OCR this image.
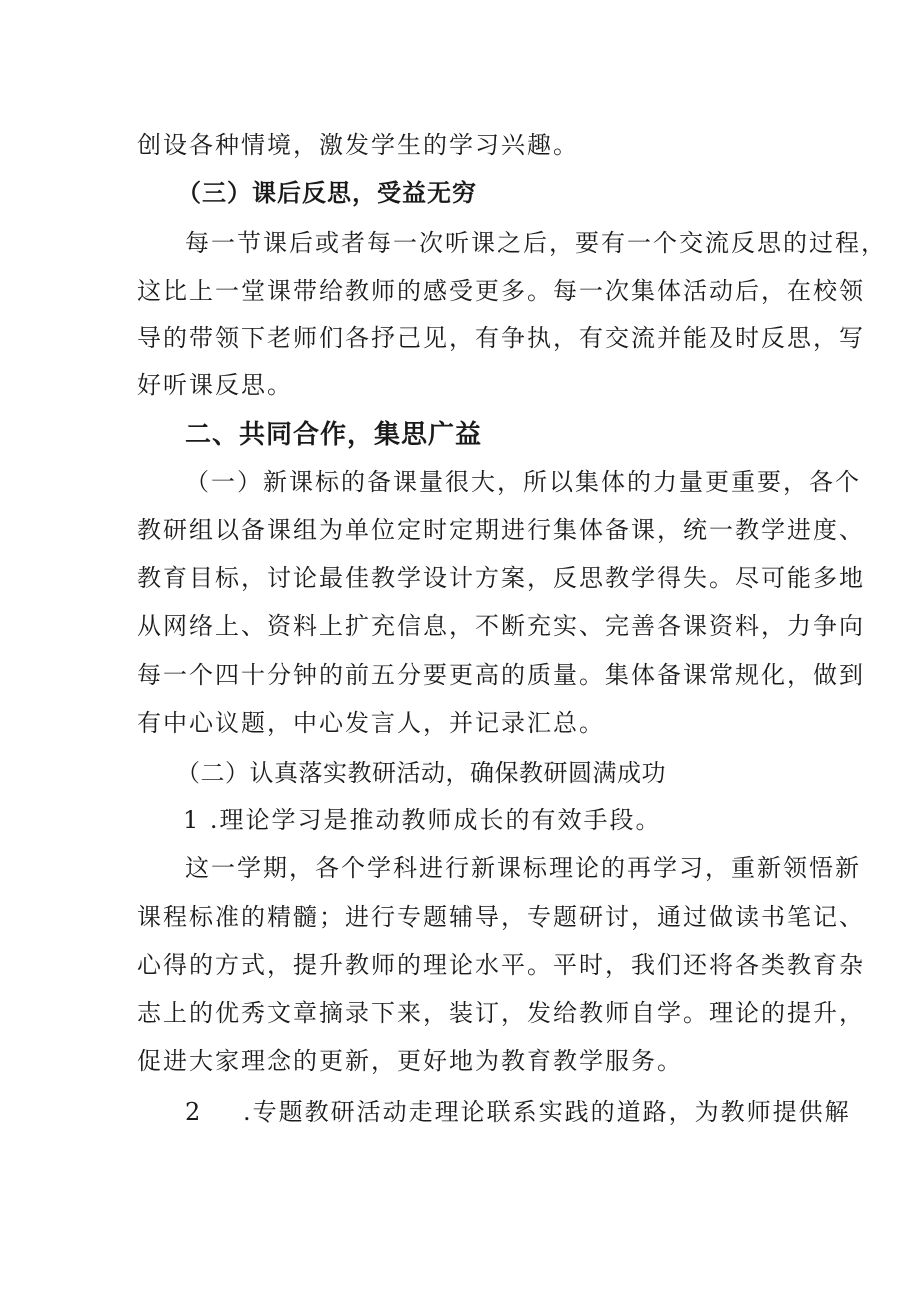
创设各种情境，激发学生的学习兴趣。

（三）课后反思，受益无穷

每一节课后或者每一次听课之后，要有一个交流反思的过程，

这比上一堂课带给教师的感受更多。每一次集体活动后，在校领

导的带领下老师们各抒己见，有争执，有交流并能及时反思，写

好听课反思。

二、共同合作，集思广益

（一）新课标的备课量很大，所以集体的力量更重要，各个

教研组以备课组为单位定时定期进行集体备课，统一教学进度、

教育目标，讨论最佳教学设计方案，反思教学得失。尽可能多地

从网络上、资料上扩充信息，不断充实、完善各课资料，力争向

每一个四十分钟的前五分要更高的质量。集体备课常规化，做到

有中心议题，中心发言人，并记录汇总。

（二）认真落实教研活动，确保教研圆满成功

1 .理论学习是推动教师成长的有效手段。

这一学期，各个学科进行新课标理论的再学习，重新领悟新

课程标准的精髓；进行专题辅导，专题研讨，通过做读书笔记、

心得的方式，提升教师的理论水平。平时，我们还将各类教育杂

志上的优秀文章摘录下来，装订，发给教师自学。理论的提升，

促进大家理念的更新，更好地为教育教学服务。

2 .专题教研活动走理论联系实践的道路，为教师提供解
